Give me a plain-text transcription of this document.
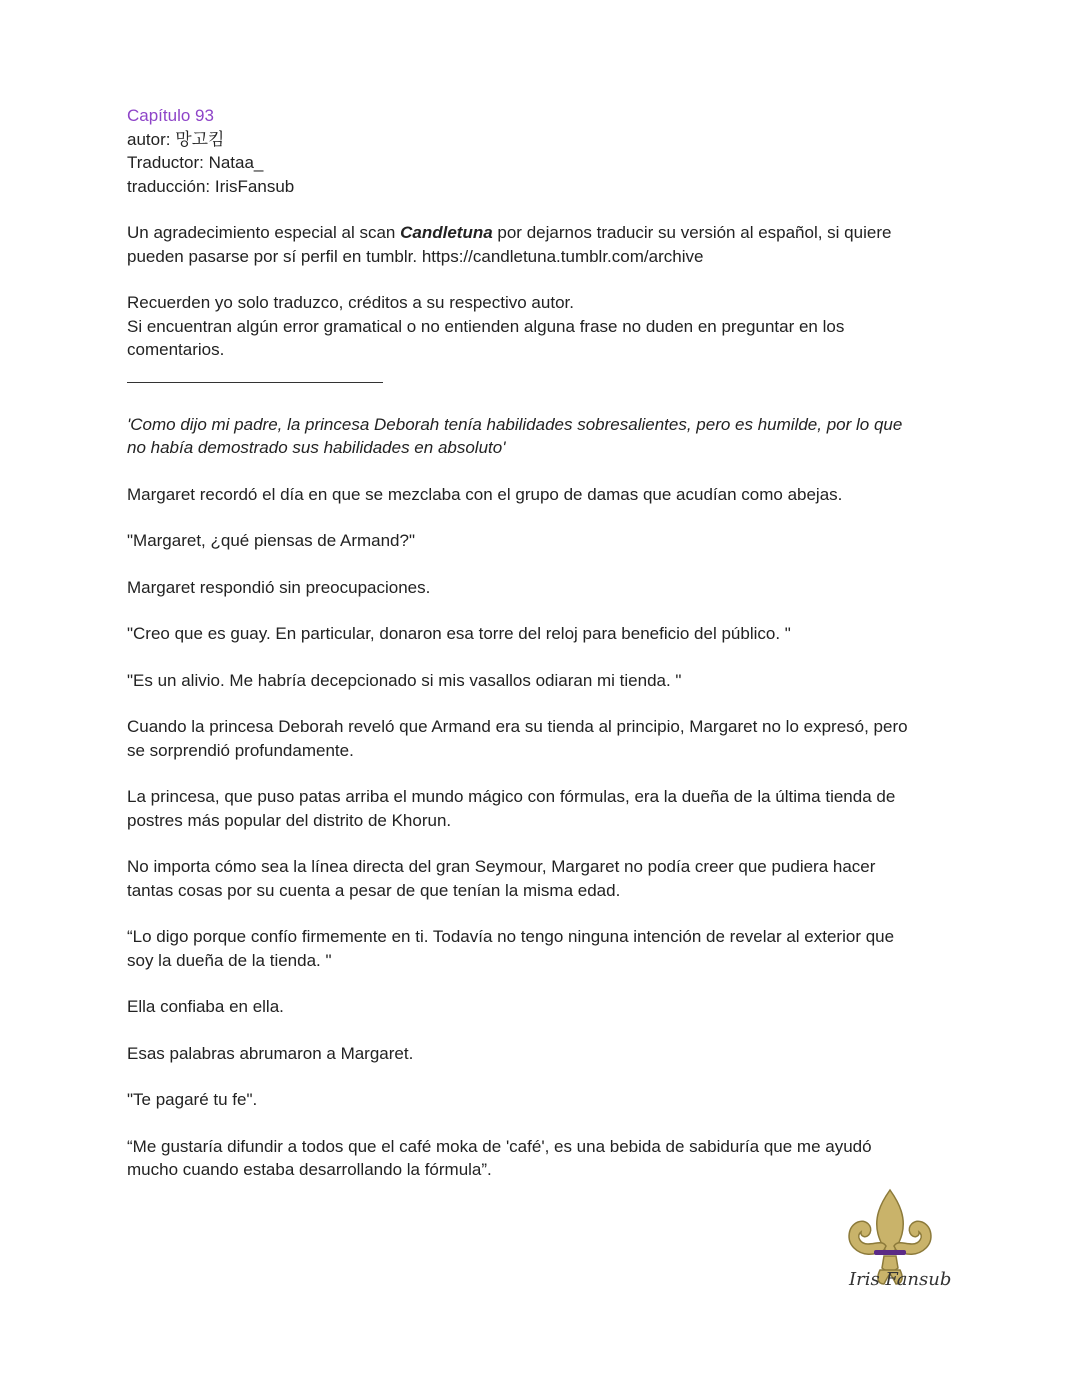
Capítulo 93

autor: 망고킴

Traductor: Nataa_

traducción: IrisFansub

Un agradecimiento especial al scan Candletuna por dejarnos traducir su versión al español, si quiere

pueden pasarse por sí perfil en tumblr. https://candletuna.tumblr.com/archive

Recuerden yo solo traduzco, créditos a su respectivo autor.

Si encuentran algún error gramatical o no entienden alguna frase no duden en preguntar en los

comentarios.

'Como dijo mi padre, la princesa Deborah tenía habilidades sobresalientes, pero es humilde, por lo que

no había demostrado sus habilidades en absoluto'

Margaret recordó el día en que se mezclaba con el grupo de damas que acudían como abejas.

"Margaret, ¿qué piensas de Armand?"

Margaret respondió sin preocupaciones.

"Creo que es guay. En particular, donaron esa torre del reloj para beneficio del público. "

"Es un alivio. Me habría decepcionado si mis vasallos odiaran mi tienda. "

Cuando la princesa Deborah reveló que Armand era su tienda al principio, Margaret no lo expresó, pero

se sorprendió profundamente.

La princesa, que puso patas arriba el mundo mágico con fórmulas, era la dueña de la última tienda de

postres más popular del distrito de Khorun.

No importa cómo sea la línea directa del gran Seymour, Margaret no podía creer que pudiera hacer

tantas cosas por su cuenta a pesar de que tenían la misma edad.

“Lo digo porque confío firmemente en ti. Todavía no tengo ninguna intención de revelar al exterior que

soy la dueña de la tienda. "

Ella confiaba en ella.

Esas palabras abrumaron a Margaret.

"Te pagaré tu fe".

“Me gustaría difundir a todos que el café moka de 'café', es una bebida de sabiduría que me ayudó

mucho cuando estaba desarrollando la fórmula”.

Iris Fansub
